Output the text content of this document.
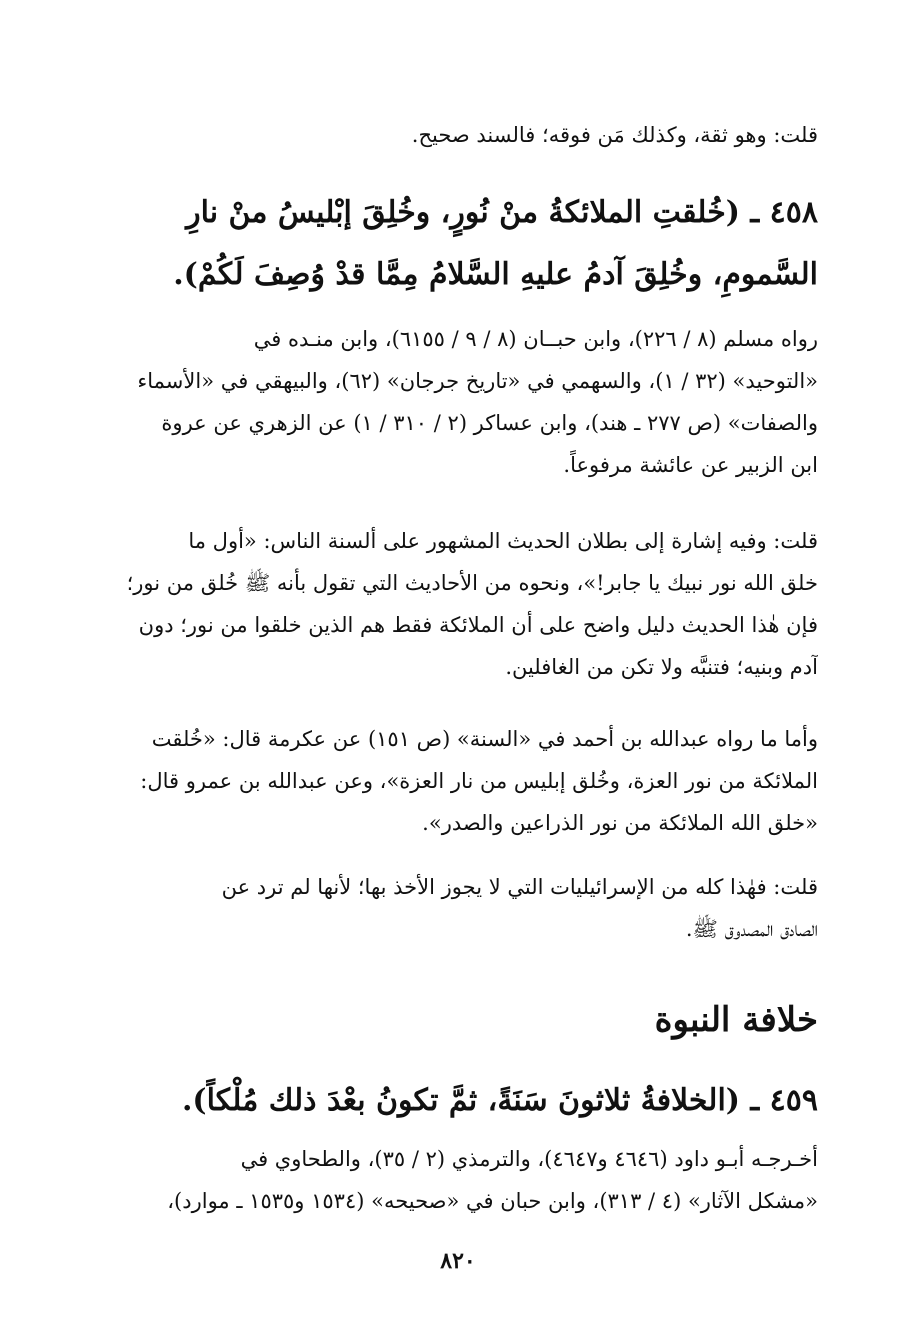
قلت: وهو ثقة، وكذلك مَن فوقه؛ فالسند صحيح.
٤٥٨ ـ (خُلقتِ الملائكةُ منْ نُورٍ، وخُلِقَ إبْليسُ منْ نارِ
السَّمومِ، وخُلِقَ آدمُ عليهِ السَّلامُ مِمَّا قدْ وُصِفَ لَكُمْ).
رواه مسلم (٨ / ٢٢٦)، وابن حبــان (٨ / ٩ / ٦١٥٥)، وابن منـده في
«التوحيد» (٣٢ / ١)، والسهمي في «تاريخ جرجان» (٦٢)، والبيهقي في «الأسماء
والصفات» (ص ٢٧٧ ـ هند)، وابن عساكر (٢ / ٣١٠ / ١) عن الزهري عن عروة
ابن الزبير عن عائشة مرفوعاً.
قلت: وفيه إشارة إلى بطلان الحديث المشهور على ألسنة الناس: «أول ما
خلق الله نور نبيك يا جابر!»، ونحوه من الأحاديث التي تقول بأنه ﷺ خُلق من نور؛
فإن هٰذا الحديث دليل واضح على أن الملائكة فقط هم الذين خلقوا من نور؛ دون
آدم وبنيه؛ فتنبَّه ولا تكن من الغافلين.
وأما ما رواه عبدالله بن أحمد في «السنة» (ص ١٥١) عن عكرمة قال: «خُلقت
الملائكة من نور العزة، وخُلق إبليس من نار العزة»، وعن عبدالله بن عمرو قال:
«خلق الله الملائكة من نور الذراعين والصدر».
قلت: فهٰذا كله من الإسرائيليات التي لا يجوز الأخذ بها؛ لأنها لم ترد عن
الصادق المصدوق ﷺ.
خلافة النبوة
٤٥٩ ـ (الخلافةُ ثلاثونَ سَنَةً، ثمَّ تكونُ بعْدَ ذلك مُلْكاً).
أخـرجـه أبـو داود (٤٦٤٦ و٤٦٤٧)، والترمذي (٢ / ٣٥)، والطحاوي في
«مشكل الآثار» (٤ / ٣١٣)، وابن حبان في «صحيحه» (١٥٣٤ و١٥٣٥ ـ موارد)،
٨٢٠
